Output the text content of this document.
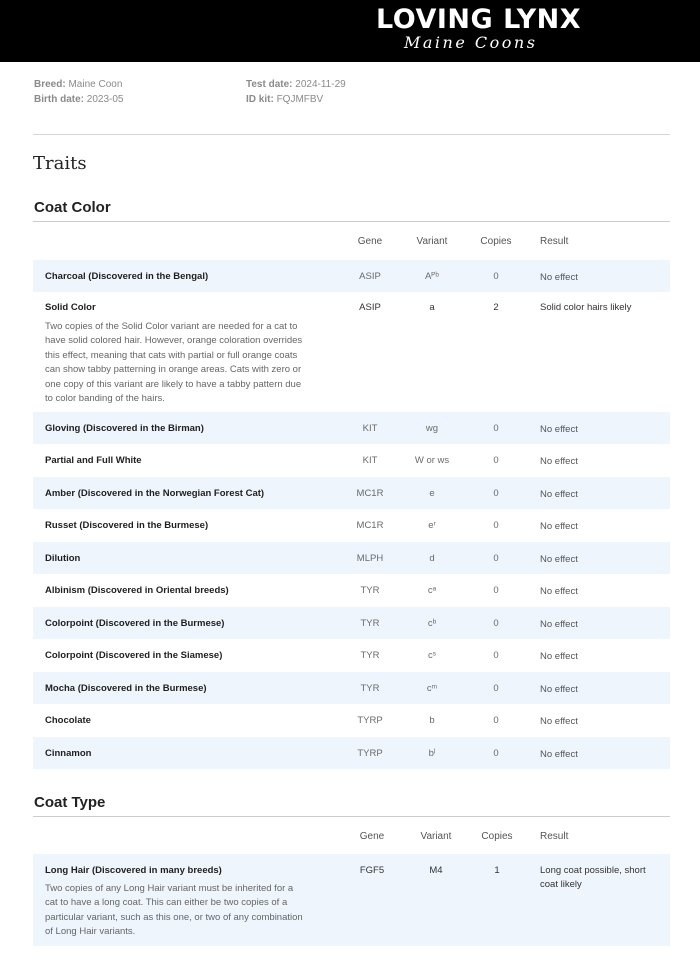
LOVING LYNX
Maine Coons
Breed: Maine Coon
Birth date: 2023-05
Test date: 2024-11-29
ID kit: FQJMFBV
Traits
Coat Color
Gene	Variant	Copies	Result
Charcoal (Discovered in the Bengal)	ASIP	Aᴾᵇ	0	No effect
Solid Color
Two copies of the Solid Color variant are needed for a cat to have solid colored hair. However, orange coloration overrides this effect, meaning that cats with partial or full orange coats can show tabby patterning in orange areas. Cats with zero or one copy of this variant are likely to have a tabby pattern due to color banding of the hairs.
ASIP	a	2	Solid color hairs likely
Gloving (Discovered in the Birman)	KIT	wg	0	No effect
Partial and Full White	KIT	W or ws	0	No effect
Amber (Discovered in the Norwegian Forest Cat)	MC1R	e	0	No effect
Russet (Discovered in the Burmese)	MC1R	eʳ	0	No effect
Dilution	MLPH	d	0	No effect
Albinism (Discovered in Oriental breeds)	TYR	cᵃ	0	No effect
Colorpoint (Discovered in the Burmese)	TYR	cᵇ	0	No effect
Colorpoint (Discovered in the Siamese)	TYR	cˢ	0	No effect
Mocha (Discovered in the Burmese)	TYR	cᵐ	0	No effect
Chocolate	TYRP	b	0	No effect
Cinnamon	TYRP	bˡ	0	No effect
Coat Type
Gene	Variant	Copies	Result
Long Hair (Discovered in many breeds)
Two copies of any Long Hair variant must be inherited for a cat to have a long coat. This can either be two copies of a particular variant, such as this one, or two of any combination of Long Hair variants.
FGF5	M4	1	Long coat possible, short coat likely
